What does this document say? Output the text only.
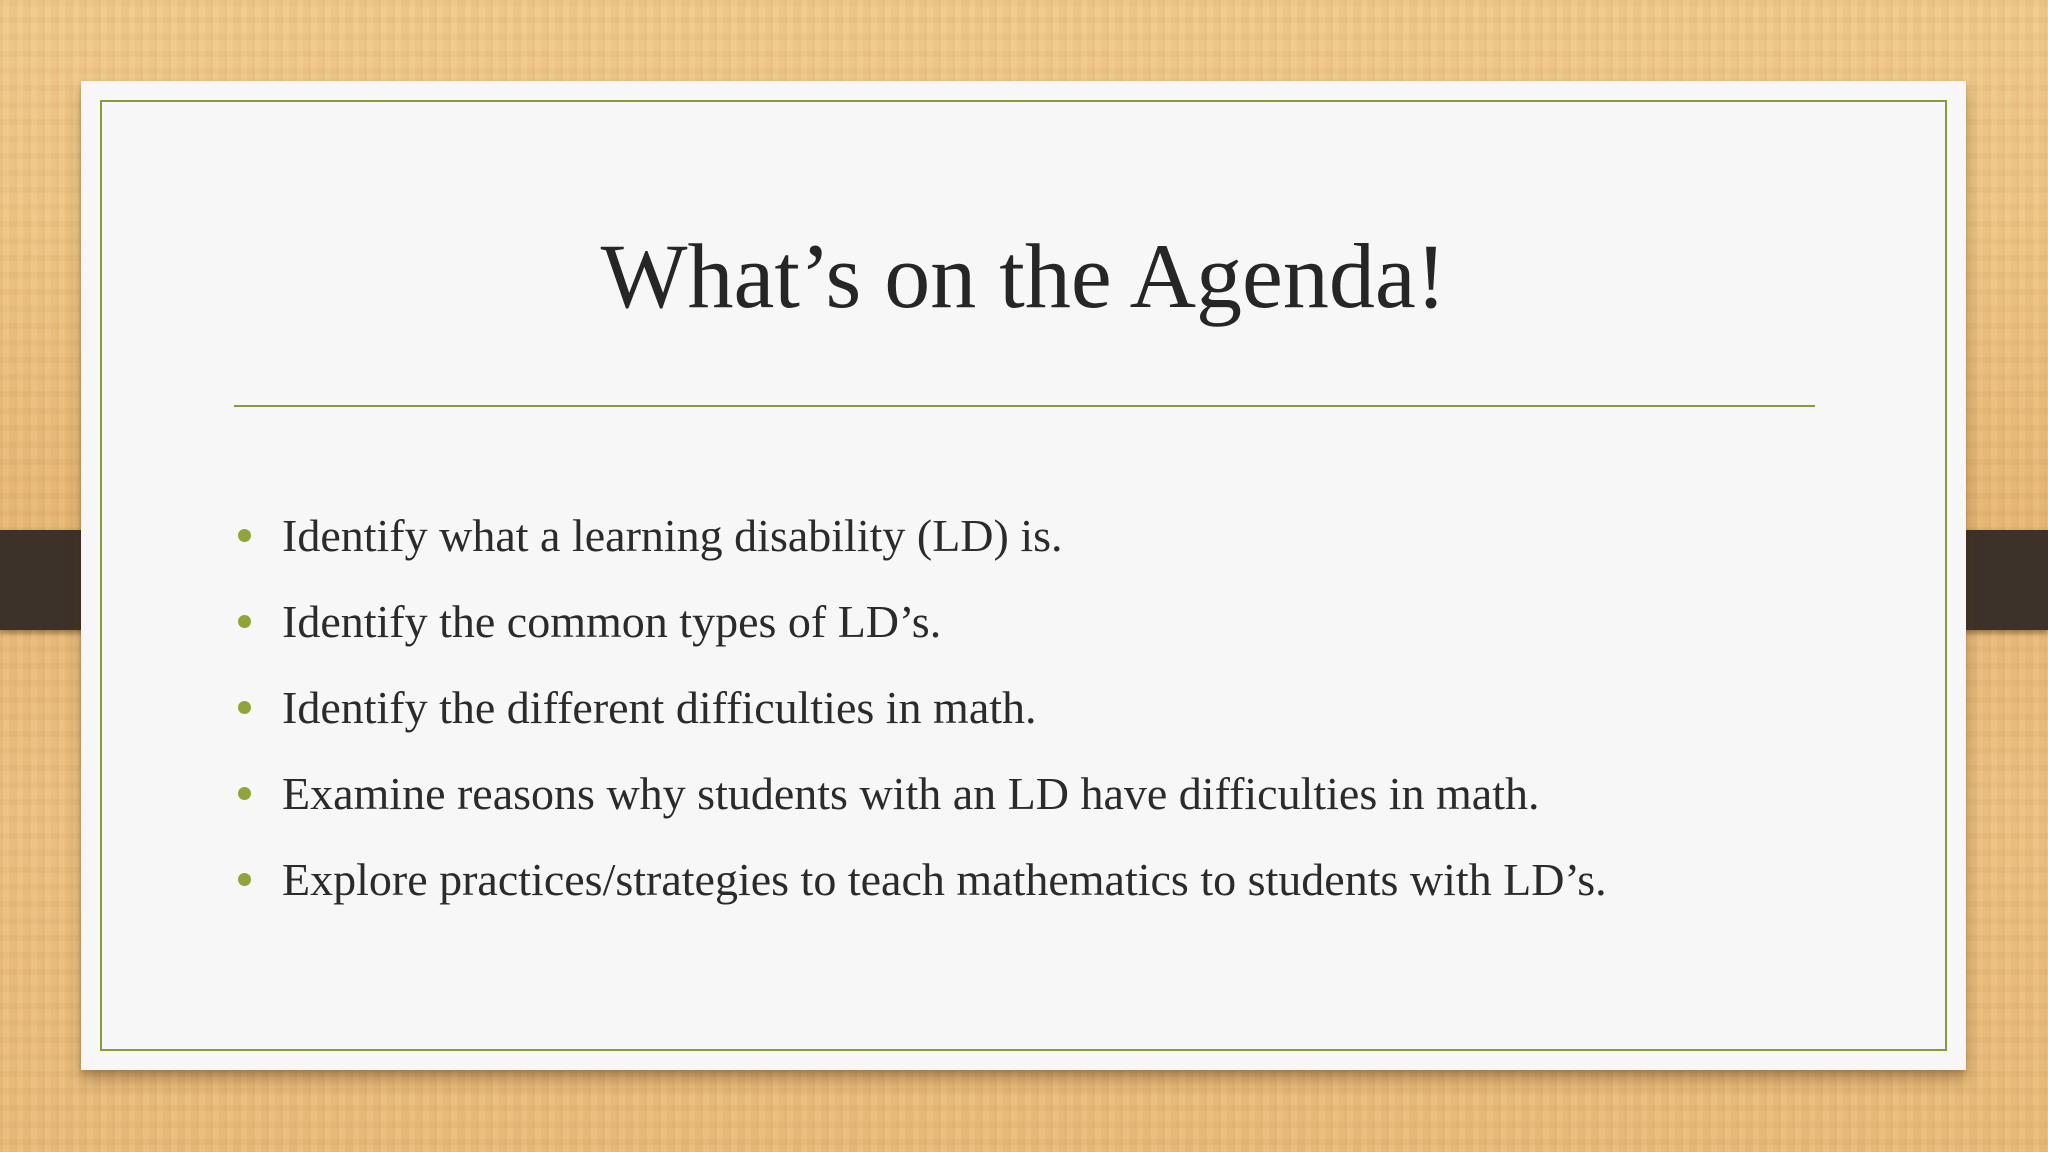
What’s on the Agenda!
Identify what a learning disability (LD) is.
Identify the common types of LD’s.
Identify the different difficulties in math.
Examine reasons why students with an LD have difficulties in math.
Explore practices/strategies to teach mathematics to students with LD’s.
